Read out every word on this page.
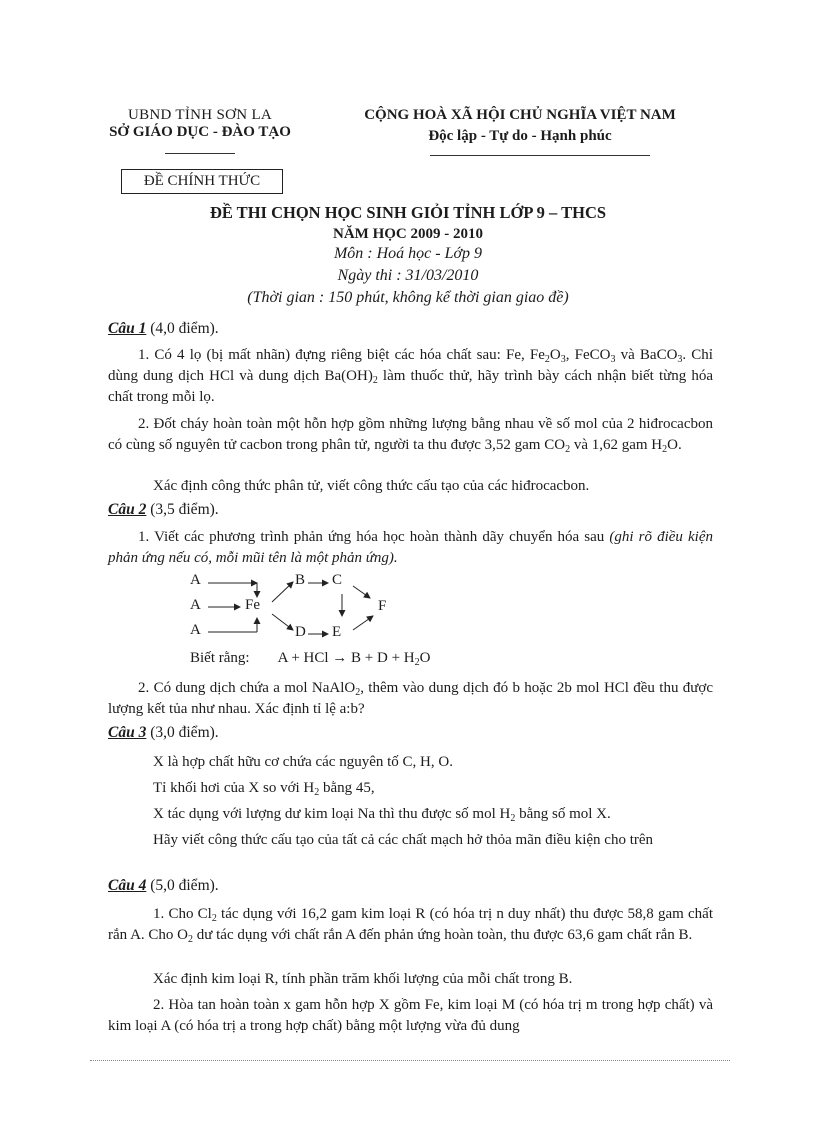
UBND TỈNH SƠN LA
SỞ GIÁO DỤC - ĐÀO TẠO
CỘNG HOÀ XÃ HỘI CHỦ NGHĨA VIỆT NAM
Độc lập - Tự do - Hạnh phúc
ĐỀ CHÍNH THỨC
ĐỀ THI CHỌN HỌC SINH GIỎI TỈNH LỚP 9 – THCS
NĂM HỌC 2009 - 2010
Môn : Hoá học - Lớp 9
Ngày thi : 31/03/2010
(Thời gian : 150 phút, không kể thời gian giao đề)
Câu 1 (4,0 điểm).
1. Có 4 lọ (bị mất nhãn) đựng riêng biệt các hóa chất sau: Fe, $Fe_2O_3$, FeCO$_3$ và BaCO$_3$. Chỉ dùng dung dịch HCl và dung dịch $Ba(OH)_2$ làm thuốc thử, hãy trình bày cách nhận biết từng hóa chất trong mỗi lọ.
2. Đốt cháy hoàn toàn một hỗn hợp gồm những lượng bằng nhau về số mol của 2 hiđrocacbon có cùng số nguyên tử cacbon trong phân tử, người ta thu được 3,52 gam $CO_2$ và 1,62 gam $H_2O$.
Xác định công thức phân tử, viết công thức cấu tạo của các hiđrocacbon.
Câu 2 (3,5 điểm).
1. Viết các phương trình phản ứng hóa học hoàn thành dãy chuyển hóa sau (ghi rõ điều kiện phản ứng nếu có, mỗi mũi tên là một phản ứng).
A
A
A
Fe
B C
D E
F
Biết rằng: A + HCl → $B + D + H_2O$
2. Có dung dịch chứa a mol NaAlO$_2$, thêm vào dung dịch đó b hoặc 2b mol HCl đều thu được lượng kết tủa như nhau. Xác định tỉ lệ a:b?
Câu 3 (3,0 điểm).
X là hợp chất hữu cơ chứa các nguyên tố C, H, O.
Tỉ khối hơi của X so với $H_2$ bằng 45,
X tác dụng với lượng dư kim loại Na thì thu được số mol $H_2$ bằng số mol X.
Hãy viết công thức cấu tạo của tất cả các chất mạch hở thỏa mãn điều kiện cho trên
Câu 4 (5,0 điểm).
1. Cho $Cl_2$ tác dụng với 16,2 gam kim loại R (có hóa trị n duy nhất) thu được 58,8 gam chất rắn A. Cho $O_2$ dư tác dụng với chất rắn A đến phản ứng hoàn toàn, thu được 63,6 gam chất rắn B.
Xác định kim loại R, tính phần trăm khối lượng của mỗi chất trong B.
2. Hòa tan hoàn toàn x gam hỗn hợp X gồm Fe, kim loại M (có hóa trị m trong hợp chất) và kim loại A (có hóa trị a trong hợp chất) bằng một lượng vừa đủ dung
